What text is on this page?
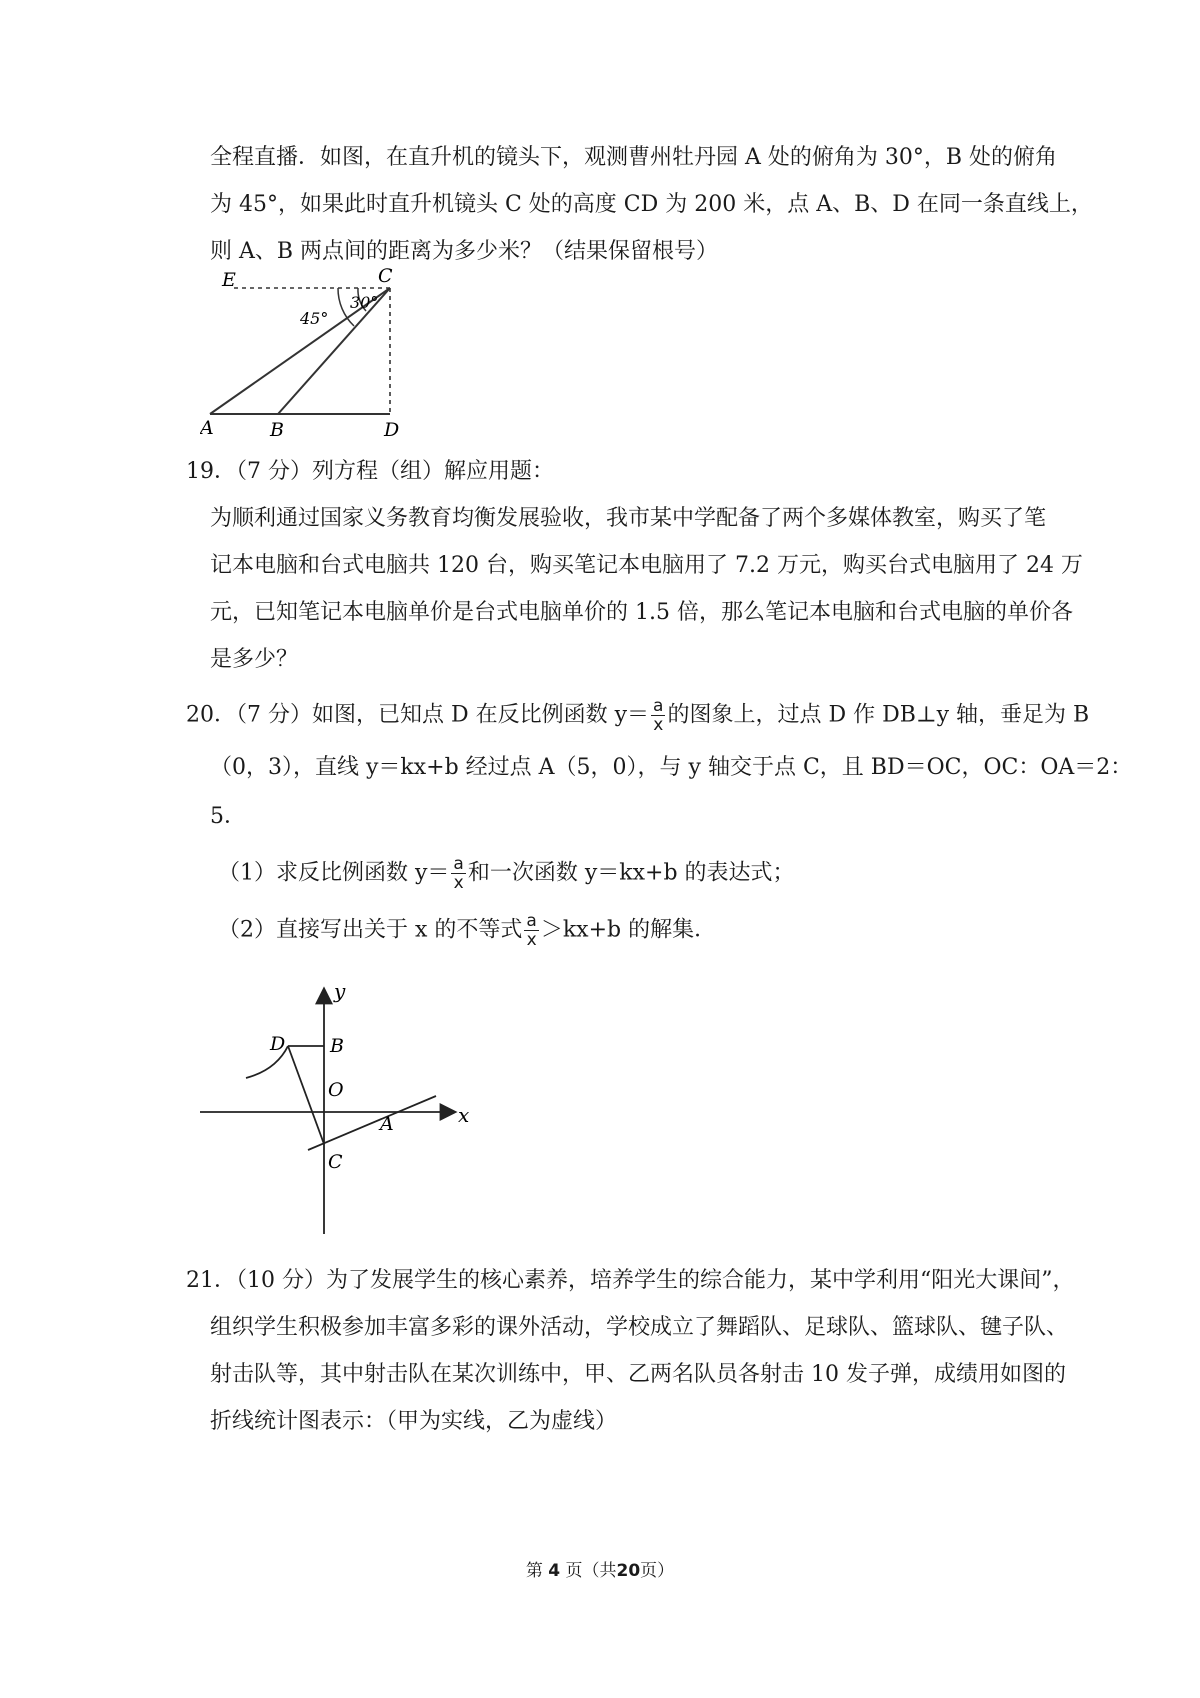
全程直播．如图，在直升机的镜头下，观测曹州牡丹园 A 处的俯角为 30°，B 处的俯角
为 45°，如果此时直升机镜头 C 处的高度 CD 为 200 米，点 A、B、D 在同一条直线上，
则 A、B 两点间的距离为多少米？（结果保留根号）
E	C
30°
45°
A	B	D
19．（7 分）列方程（组）解应用题：
为顺利通过国家义务教育均衡发展验收，我市某中学配备了两个多媒体教室，购买了笔
记本电脑和台式电脑共 120 台，购买笔记本电脑用了 7.2 万元，购买台式电脑用了 24 万
元，已知笔记本电脑单价是台式电脑单价的 1.5 倍，那么笔记本电脑和台式电脑的单价各
是多少？
20．（7 分）如图，已知点 D 在反比例函数 $y= \frac{a}{x}$ 的图象上，过点 D 作 DB⊥y 轴，垂足为 B
（0，3），直线 y＝kx+b 经过点 A（5，0），与 y 轴交于点 C，且 BD＝OC，OC：OA＝2：
5．
（1）求反比例函数 $y= \frac{a}{x}$ 和一次函数 y＝kx+b 的表达式；
（2）直接写出关于 x 的不等式 $\frac{a}{x} >kx+b$ 的解集．
y
x
D B
O
A
C
21．（10 分）为了发展学生的核心素养，培养学生的综合能力，某中学利用“阳光大课间”，
组织学生积极参加丰富多彩的课外活动，学校成立了舞蹈队、足球队、篮球队、毽子队、
射击队等，其中射击队在某次训练中，甲、乙两名队员各射击 10 发子弹，成绩用如图的
折线统计图表示：（甲为实线，乙为虚线）
第 4 页（共20页）
